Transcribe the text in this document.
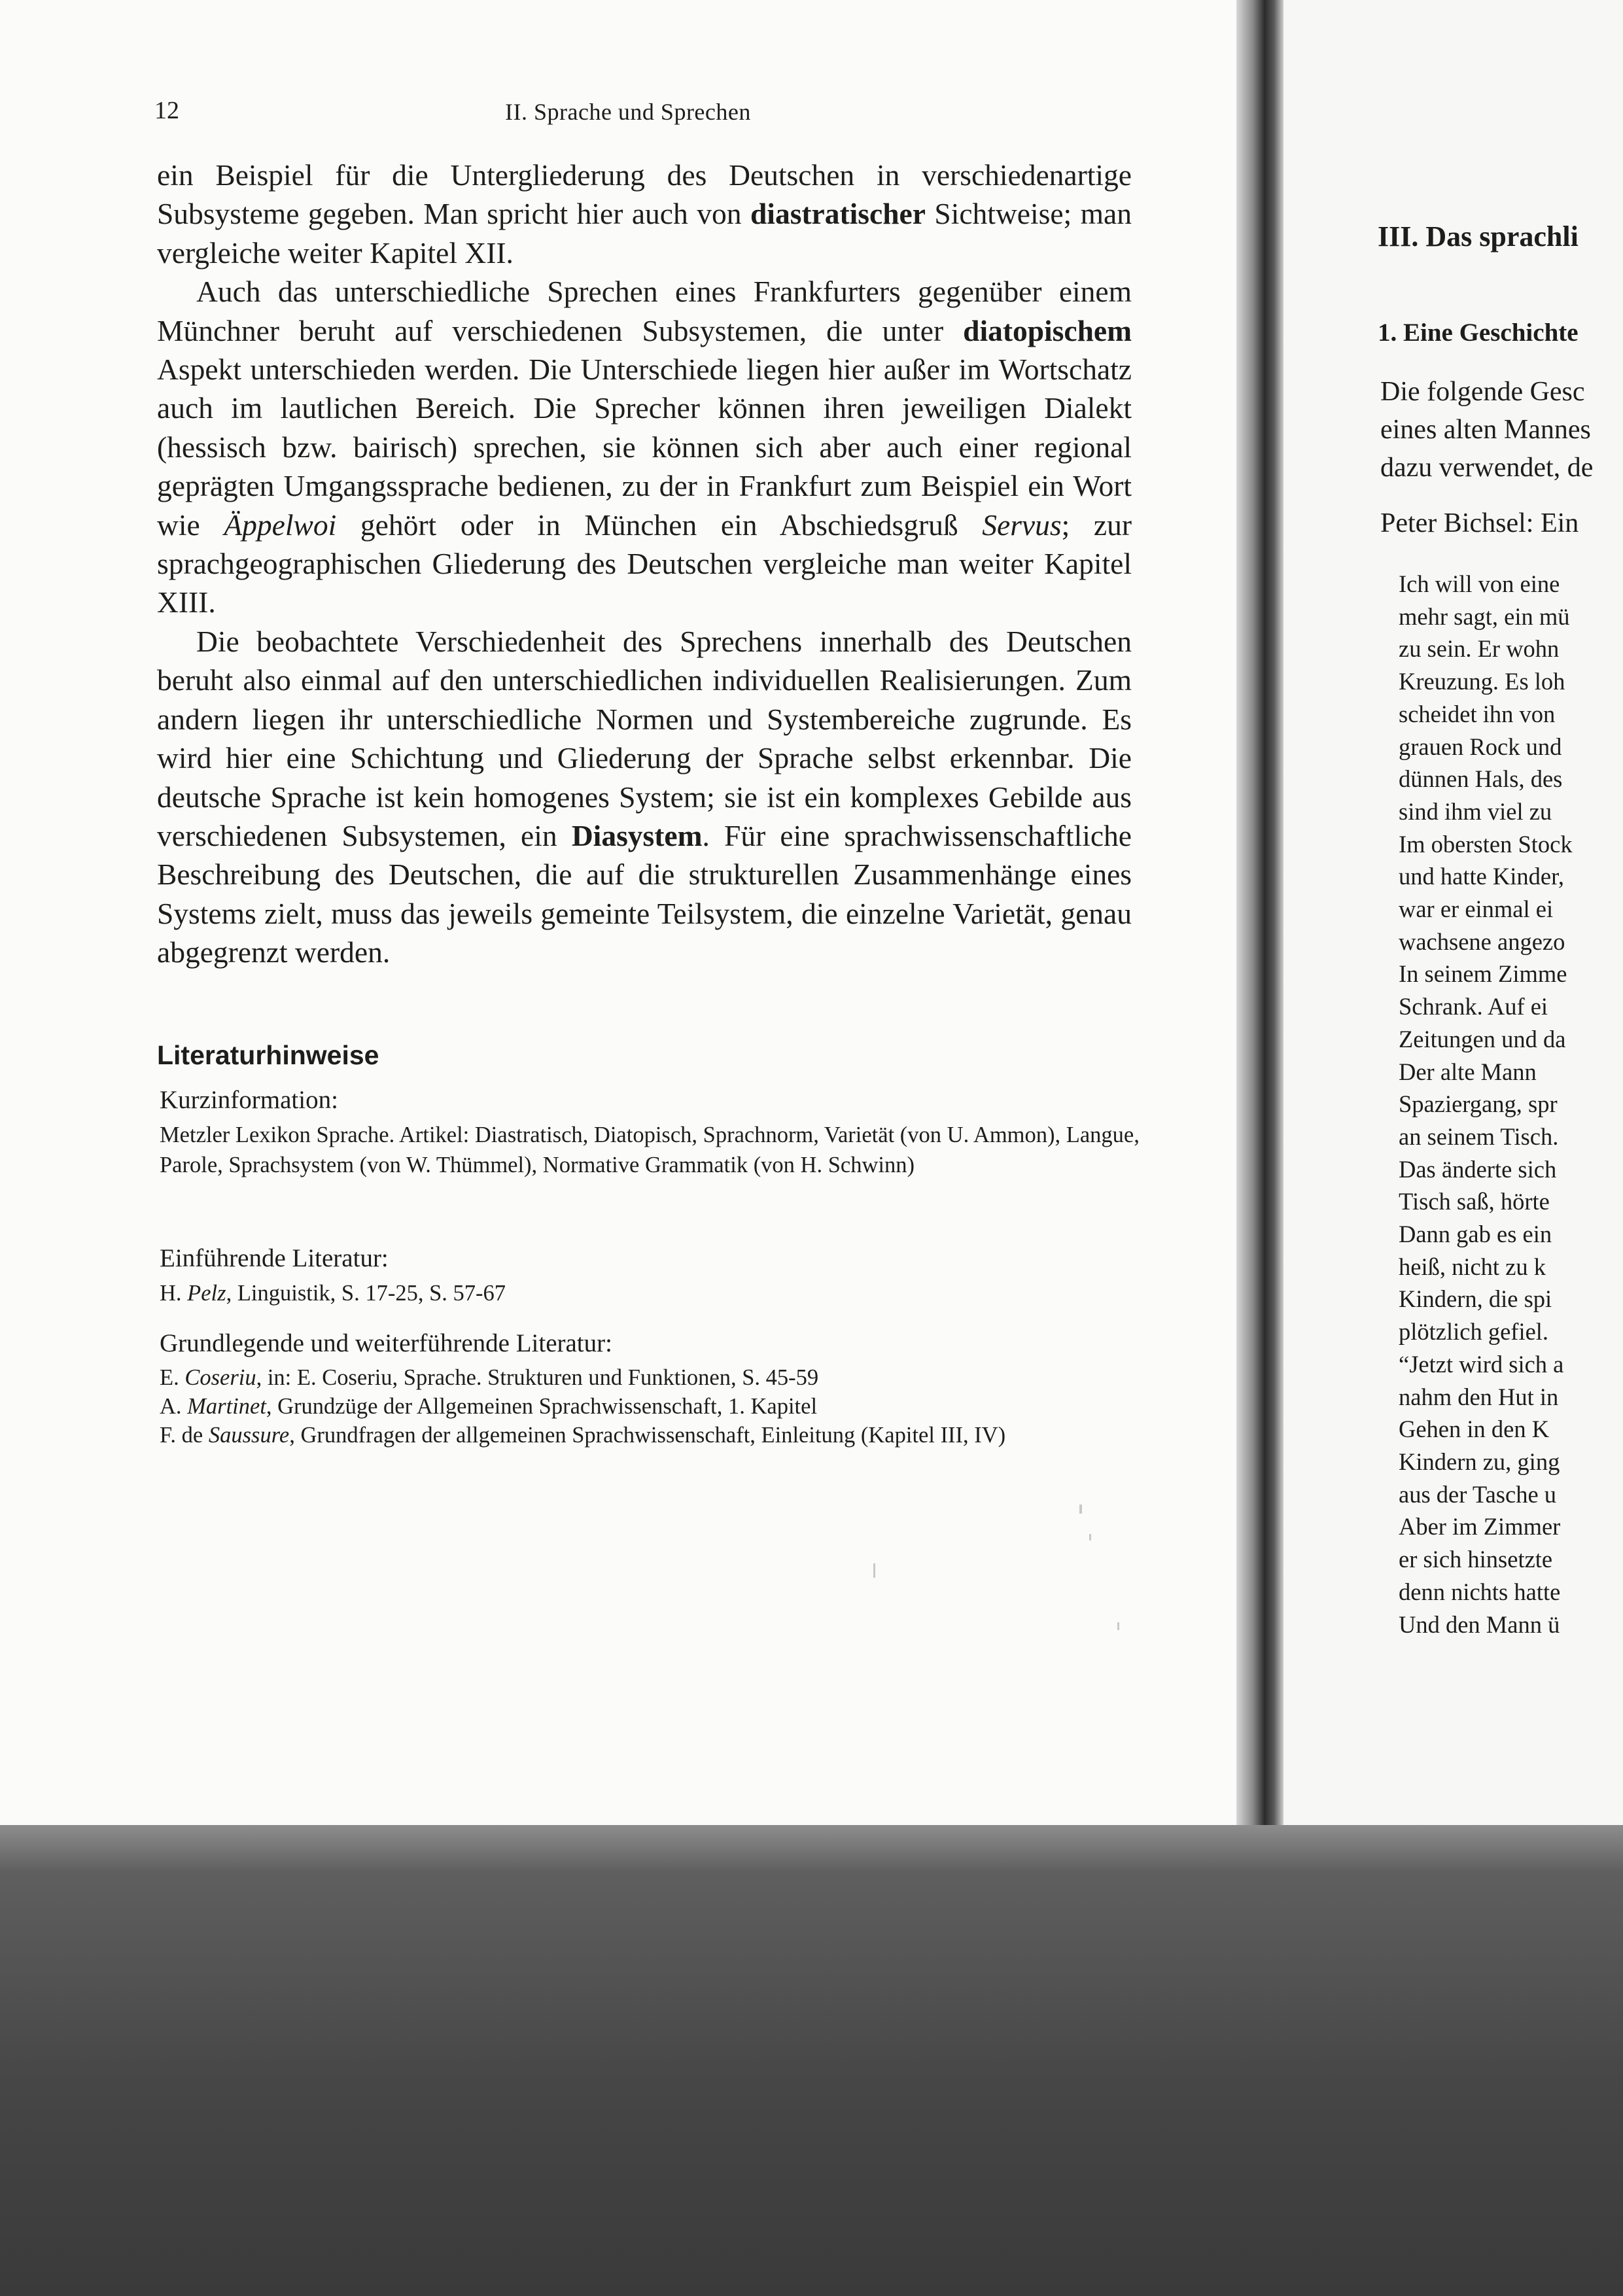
12	II. Sprache und Sprechen

ein Beispiel für die Untergliederung des Deutschen in verschiedenartige Subsysteme gegeben. Man spricht hier auch von diastratischer Sichtweise; man vergleiche weiter Kapitel XII.

Auch das unterschiedliche Sprechen eines Frankfurters gegenüber einem Münchner beruht auf verschiedenen Subsystemen, die unter diatopischem Aspekt unterschieden werden. Die Unterschiede liegen hier außer im Wortschatz auch im lautlichen Bereich. Die Sprecher können ihren jeweiligen Dialekt (hessisch bzw. bairisch) sprechen, sie können sich aber auch einer regional geprägten Umgangssprache bedienen, zu der in Frankfurt zum Beispiel ein Wort wie Äppelwoi gehört oder in München ein Abschiedsgruß Servus; zur sprachgeographischen Gliederung des Deutschen vergleiche man weiter Kapitel XIII.

Die beobachtete Verschiedenheit des Sprechens innerhalb des Deutschen beruht also einmal auf den unterschiedlichen individuellen Realisierungen. Zum andern liegen ihr unterschiedliche Normen und Systembereiche zugrunde. Es wird hier eine Schichtung und Gliederung der Sprache selbst erkennbar. Die deutsche Sprache ist kein homogenes System; sie ist ein komplexes Gebilde aus verschiedenen Subsystemen, ein Diasystem. Für eine sprachwissenschaftliche Beschreibung des Deutschen, die auf die strukturellen Zusammenhänge eines Systems zielt, muss das jeweils gemeinte Teilsystem, die einzelne Varietät, genau abgegrenzt werden.

Literaturhinweise
Kurzinformation:
Metzler Lexikon Sprache. Artikel: Diastratisch, Diatopisch, Sprachnorm, Varietät (von U. Ammon), Langue, Parole, Sprachsystem (von W. Thümmel), Normative Grammatik (von H. Schwinn)
Einführende Literatur:
H. Pelz, Linguistik, S. 17-25, S. 57-67
Grundlegende und weiterführende Literatur:
E. Coseriu, in: E. Coseriu, Sprache. Strukturen und Funktionen, S. 45-59
A. Martinet, Grundzüge der Allgemeinen Sprachwissenschaft, 1. Kapitel
F. de Saussure, Grundfragen der allgemeinen Sprachwissenschaft, Einleitung (Kapitel III, IV)
III. Das sprachli
1. Eine Geschichte
Die folgende Gesc
eines alten Mannes
dazu verwendet, de
Peter Bichsel: Ein
Ich will von eine
mehr sagt, ein mü
zu sein. Er wohn
Kreuzung. Es loh
scheidet ihn von
grauen Rock und
dünnen Hals, des
sind ihm viel zu
Im obersten Stock
und hatte Kinder,
war er einmal ei
wachsene angezo
In seinem Zimme
Schrank. Auf ei
Zeitungen und da
Der alte Mann
Spaziergang, spr
an seinem Tisch.
Das änderte sich
Tisch saß, hörte
Dann gab es ein
heiß, nicht zu k
Kindern, die spi
plötzlich gefiel.
“Jetzt wird sich a
nahm den Hut in
Gehen in den K
Kindern zu, ging
aus der Tasche u
Aber im Zimmer
er sich hinsetzte
denn nichts hatte
Und den Mann ü
